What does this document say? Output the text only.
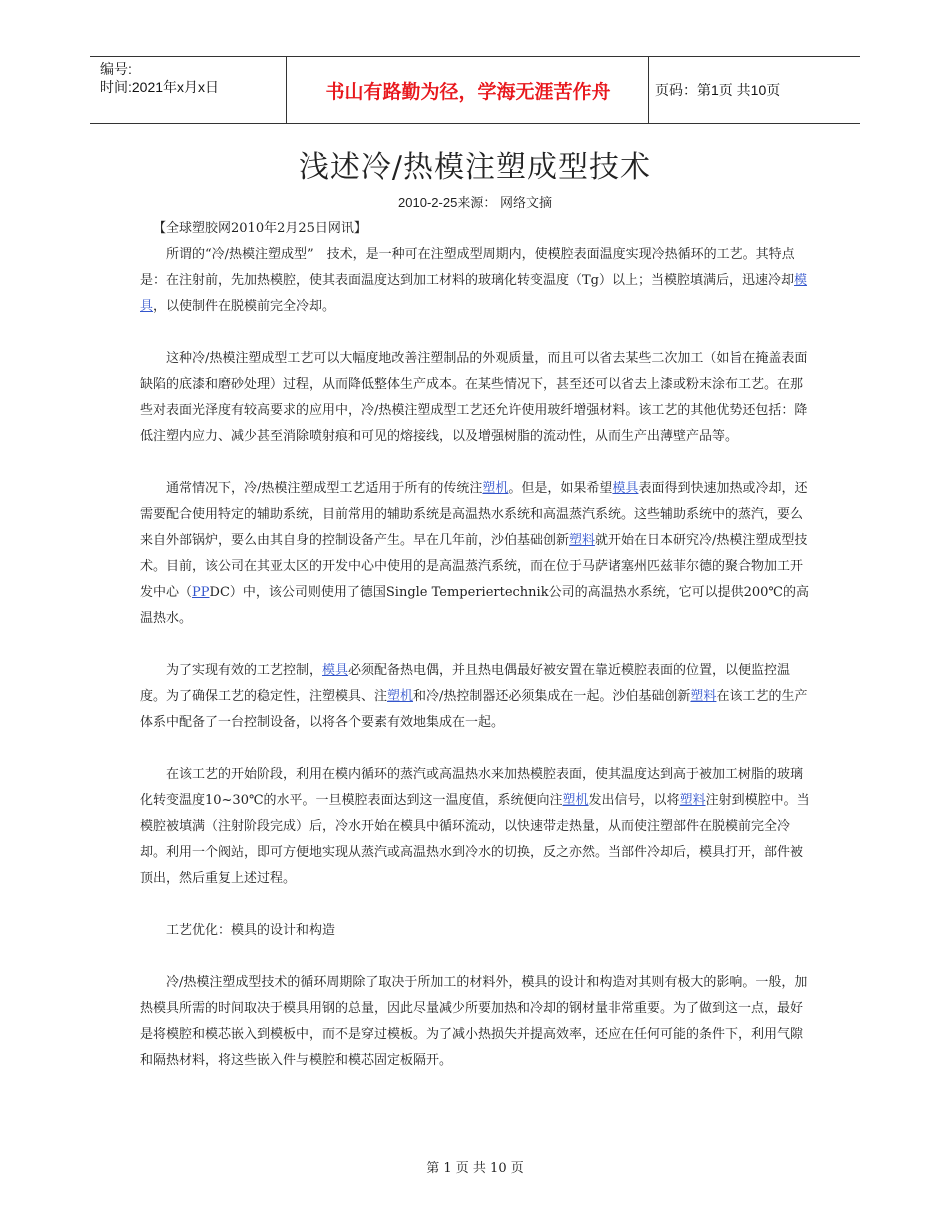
编号:
时间:2021年x月x日	书山有路勤为径，学海无涯苦作舟	页码：第1页 共10页
浅述冷/热模注塑成型技术
2010-2-25来源： 网络文摘

【全球塑胶网2010年2月25日网讯】

所谓的“冷/热模注塑成型”　技术，是一种可在注塑成型周期内，使模腔表面温度实现冷热循环的工艺。其特点是：在注射前，先加热模腔，使其表面温度达到加工材料的玻璃化转变温度（Tg）以上；当模腔填满后，迅速冷却模具，以使制件在脱模前完全冷却。

这种冷/热模注塑成型工艺可以大幅度地改善注塑制品的外观质量，而且可以省去某些二次加工（如旨在掩盖表面缺陷的底漆和磨砂处理）过程，从而降低整体生产成本。在某些情况下，甚至还可以省去上漆或粉末涂布工艺。在那些对表面光泽度有较高要求的应用中，冷/热模注塑成型工艺还允许使用玻纤增强材料。该工艺的其他优势还包括：降低注塑内应力、减少甚至消除喷射痕和可见的熔接线，以及增强树脂的流动性，从而生产出薄壁产品等。

通常情况下，冷/热模注塑成型工艺适用于所有的传统注塑机。但是，如果希望模具表面得到快速加热或冷却，还需要配合使用特定的辅助系统，目前常用的辅助系统是高温热水系统和高温蒸汽系统。这些辅助系统中的蒸汽，要么来自外部锅炉，要么由其自身的控制设备产生。早在几年前，沙伯基础创新塑料就开始在日本研究冷/热模注塑成型技术。目前，该公司在其亚太区的开发中心中使用的是高温蒸汽系统，而在位于马萨诸塞州匹兹菲尔德的聚合物加工开发中心（PPDC）中，该公司则使用了德国Single Temperiertechnik公司的高温热水系统，它可以提供200℃的高温热水。

为了实现有效的工艺控制，模具必须配备热电偶，并且热电偶最好被安置在靠近模腔表面的位置，以便监控温度。为了确保工艺的稳定性，注塑模具、注塑机和冷/热控制器还必须集成在一起。沙伯基础创新塑料在该工艺的生产体系中配备了一台控制设备，以将各个要素有效地集成在一起。

在该工艺的开始阶段，利用在模内循环的蒸汽或高温热水来加热模腔表面，使其温度达到高于被加工树脂的玻璃化转变温度10~30℃的水平。一旦模腔表面达到这一温度值，系统便向注塑机发出信号，以将塑料注射到模腔中。当模腔被填满（注射阶段完成）后，冷水开始在模具中循环流动，以快速带走热量，从而使注塑部件在脱模前完全冷却。利用一个阀站，即可方便地实现从蒸汽或高温热水到冷水的切换，反之亦然。当部件冷却后，模具打开，部件被顶出，然后重复上述过程。

工艺优化：模具的设计和构造

冷/热模注塑成型技术的循环周期除了取决于所加工的材料外，模具的设计和构造对其则有极大的影响。一般，加热模具所需的时间取决于模具用钢的总量，因此尽量减少所要加热和冷却的钢材量非常重要。为了做到这一点，最好是将模腔和模芯嵌入到模板中，而不是穿过模板。为了减小热损失并提高效率，还应在任何可能的条件下，利用气隙和隔热材料，将这些嵌入件与模腔和模芯固定板隔开。

第 1 页 共 10 页
